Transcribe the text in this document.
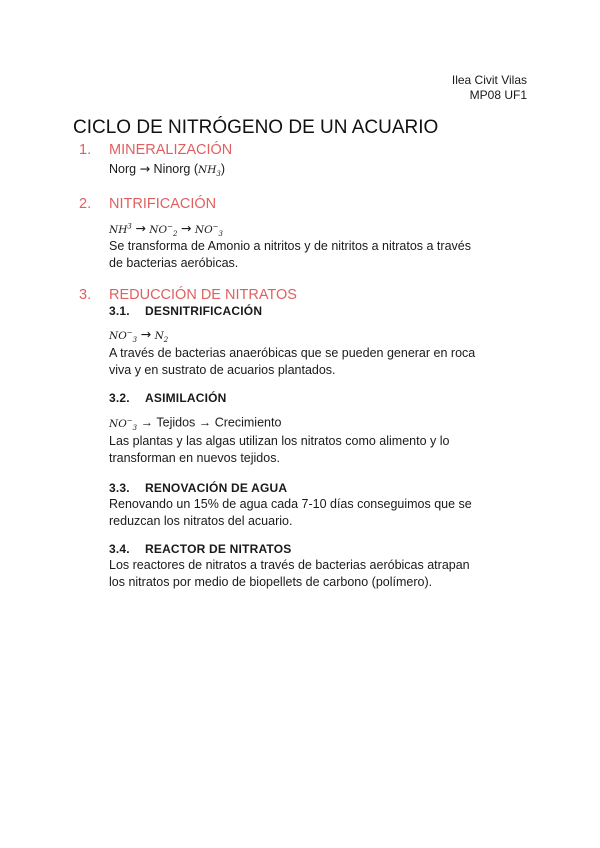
Ilea Civit Vilas
MP08 UF1
CICLO DE NITRÓGENO DE UN ACUARIO
1. MINERALIZACIÓN
Norg → Ninorg $(NH_3)$
2. NITRIFICACIÓN
$NH^3 \to NO^-_2 \to NO^-_3$
Se transforma de Amonio a nitritos y de nitritos a nitratos a través
de bacterias aeróbicas.
3. REDUCCIÓN DE NITRATOS
3.1. DESNITRIFICACIÓN
$NO^-_3 \to N_2$
A través de bacterias anaeróbicas que se pueden generar en roca
viva y en sustrato de acuarios plantados.
3.2. ASIMILACIÓN
$NO^-_3$ → Tejidos → Crecimiento
Las plantas y las algas utilizan los nitratos como alimento y lo
transforman en nuevos tejidos.
3.3. RENOVACIÓN DE AGUA
Renovando un 15% de agua cada 7-10 días conseguimos que se
reduzcan los nitratos del acuario.
3.4. REACTOR DE NITRATOS
Los reactores de nitratos a través de bacterias aeróbicas atrapan
los nitratos por medio de biopellets de carbono (polímero).
